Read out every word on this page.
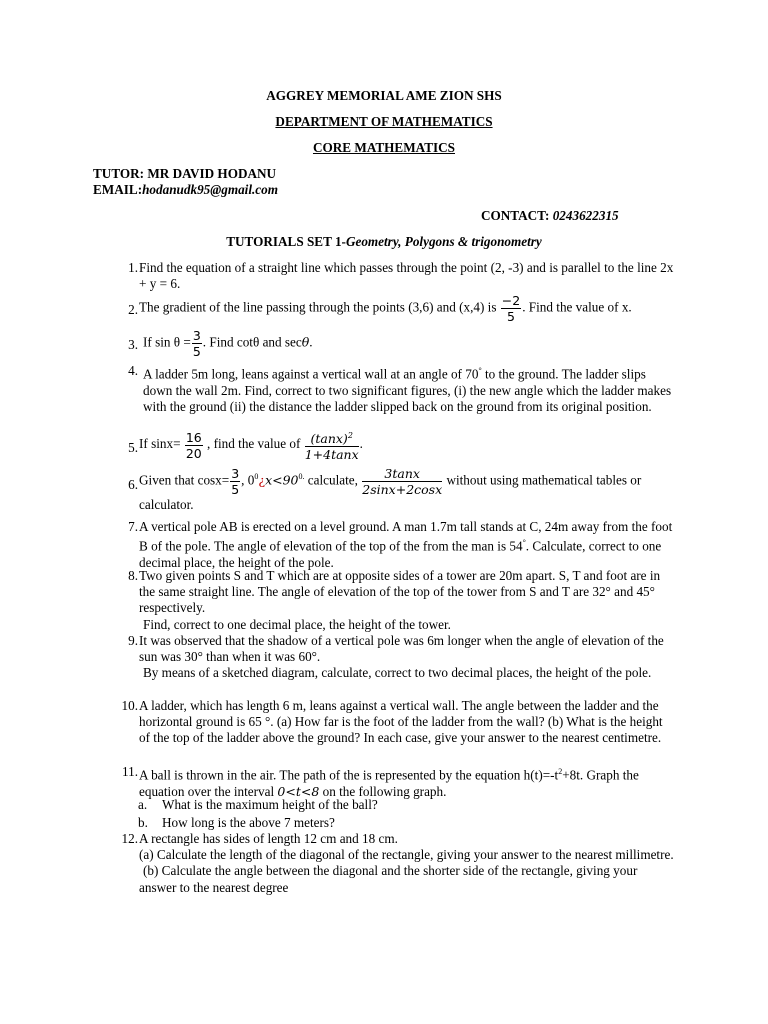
AGGREY MEMORIAL AME ZION SHS
DEPARTMENT OF MATHEMATICS
CORE MATHEMATICS
TUTOR: MR DAVID HODANU
EMAIL:hodanudk95@gmail.com
CONTACT: 0243622315
TUTORIALS SET 1-Geometry, Polygons & trigonometry
1. Find the equation of a straight line which passes through the point (2, -3) and is parallel to the line 2x + y = 6.
2. The gradient of the line passing through the points (3,6) and (x,4) is $\frac{-2}{5}$ . Find the value of x.
3. If $\sin \theta = \frac{3}{5}$ . Find cotθ and secθ.
4. A ladder 5m long, leans against a vertical wall at an angle of 70° to the ground. The ladder slips down the wall 2m. Find, correct to two significant figures, (i) the new angle which the ladder makes with the ground (ii) the distance the ladder slipped back on the ground from its original position.
5. If $\sin x= \frac{16}{20}$ , find the value of $\frac{(\tan x)^2}{1+4\tan x}$ .
6. Given that $\cos x= \frac{3}{5}$ , $0^0¿x<90^{0.}$ calculate, $\frac{3\tan x}{2\sin x+2\cos x}$ without using mathematical tables or calculator.
7. A vertical pole AB is erected on a level ground. A man 1.7m tall stands at C, 24m away from the foot B of the pole. The angle of elevation of the top of the from the man is 54°. Calculate, correct to one decimal place, the height of the pole.
8. Two given points S and T which are at opposite sides of a tower are 20m apart. S, T and foot are in the same straight line. The angle of elevation of the top of the tower from S and T are 32° and 45° respectively.
Find, correct to one decimal place, the height of the tower.
9. It was observed that the shadow of a vertical pole was 6m longer when the angle of elevation of the sun was 30° than when it was 60°.
By means of a sketched diagram, calculate, correct to two decimal places, the height of the pole.
10. A ladder, which has length 6 m, leans against a vertical wall. The angle between the ladder and the horizontal ground is 65 °. (a) How far is the foot of the ladder from the wall? (b) What is the height of the top of the ladder above the ground? In each case, give your answer to the nearest centimetre.
11. A ball is thrown in the air. The path of the is represented by the equation $h(t)=-t^2+8t$. Graph the equation over the interval 0<t<8 on the following graph.
a. What is the maximum height of the ball?
b. How long is the above 7 meters?
12. A rectangle has sides of length 12 cm and 18 cm.
(a) Calculate the length of the diagonal of the rectangle, giving your answer to the nearest millimetre.
(b) Calculate the angle between the diagonal and the shorter side of the rectangle, giving your answer to the nearest degree
